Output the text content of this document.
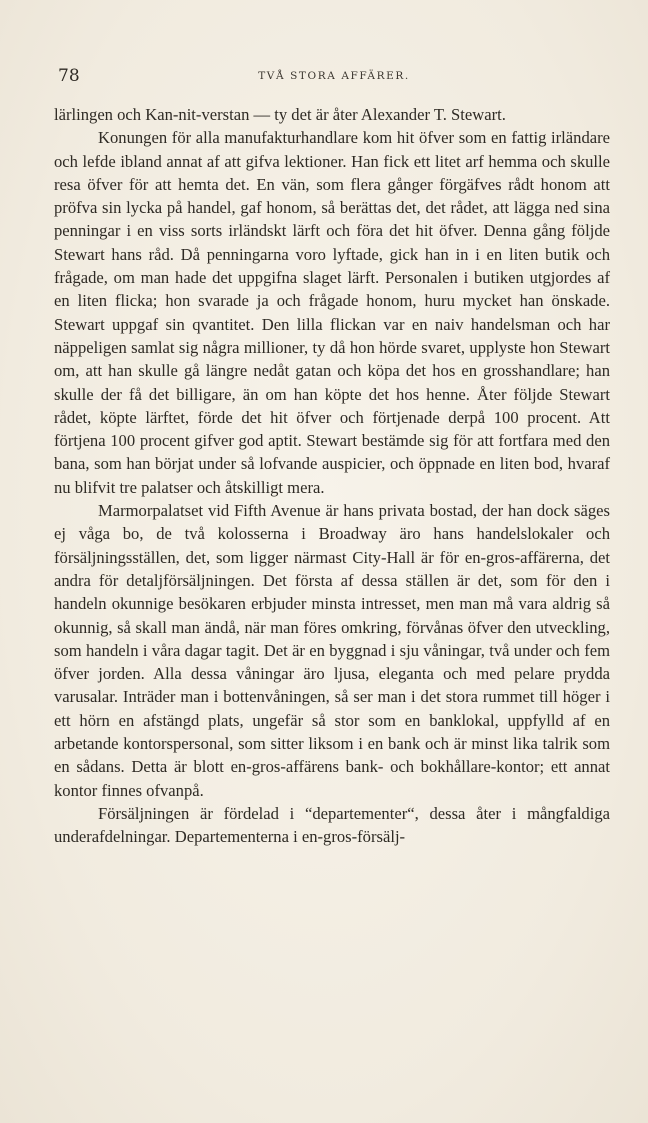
78	TVÅ STORA AFFÄRER.

lärlingen och Kan-nit-verstan — ty det är åter Alexander T. Stewart.

Konungen för alla manufakturhandlare kom hit öfver som en fattig irländare och lefde ibland annat af att gifva lektioner. Han fick ett litet arf hemma och skulle resa öfver för att hemta det. En vän, som flera gånger förgäfves rådt honom att pröfva sin lycka på handel, gaf honom, så berättas det, det rådet, att lägga ned sina penningar i en viss sorts irländskt lärft och föra det hit öfver. Denna gång följde Stewart hans råd. Då penningarna voro lyftade, gick han in i en liten butik och frågade, om man hade det uppgifna slaget lärft. Personalen i butiken utgjordes af en liten flicka; hon svarade ja och frågade honom, huru mycket han önskade. Stewart uppgaf sin qvantitet. Den lilla flickan var en naiv handelsman och har näppeligen samlat sig några millioner, ty då hon hörde svaret, upplyste hon Stewart om, att han skulle gå längre nedåt gatan och köpa det hos en grosshandlare; han skulle der få det billigare, än om han köpte det hos henne. Åter följde Stewart rådet, köpte lärftet, förde det hit öfver och förtjenade derpå 100 procent. Att förtjena 100 procent gifver god aptit. Stewart bestämde sig för att fortfara med den bana, som han börjat under så lofvande auspicier, och öppnade en liten bod, hvaraf nu blifvit tre palatser och åtskilligt mera.

Marmorpalatset vid Fifth Avenue är hans privata bostad, der han dock säges ej våga bo, de två kolosserna i Broadway äro hans handelslokaler och försäljningsställen, det, som ligger närmast City-Hall är för en-gros-affärerna, det andra för detaljförsäljningen. Det första af dessa ställen är det, som för den i handeln okunnige besökaren erbjuder minsta intresset, men man må vara aldrig så okunnig, så skall man ändå, när man föres omkring, förvånas öfver den utveckling, som handeln i våra dagar tagit. Det är en byggnad i sju våningar, två under och fem öfver jorden. Alla dessa våningar äro ljusa, eleganta och med pelare prydda varusalar. Inträder man i bottenvåningen, så ser man i det stora rummet till höger i ett hörn en afstängd plats, ungefär så stor som en banklokal, uppfylld af en arbetande kontorspersonal, som sitter liksom i en bank och är minst lika talrik som en sådans. Detta är blott en-gros-affärens bank- och bokhållare-kontor; ett annat kontor finnes ofvanpå.

Försäljningen är fördelad i “departementer“, dessa åter i mångfaldiga underafdelningar. Departementerna i en-gros-försälj-
